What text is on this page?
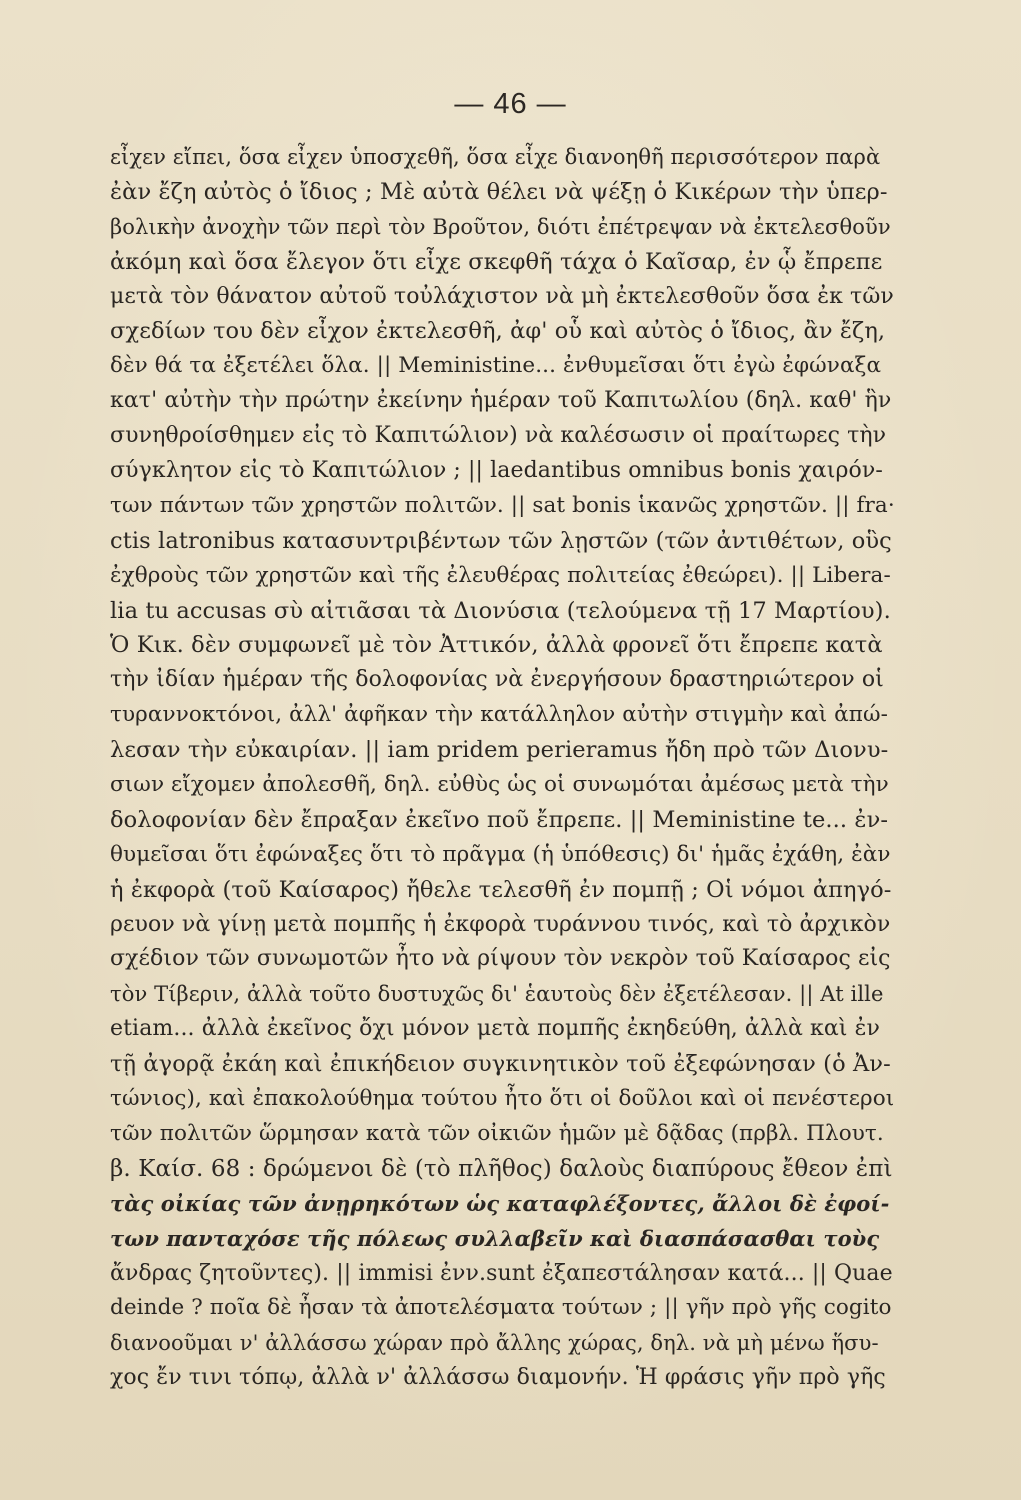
— 46 —
εἶχεν εἴπει, ὅσα εἶχεν ὑποσχεθῆ, ὅσα εἶχε διανοηθῆ περισσότερον παρὰ
ἐὰν ἔζη αὐτὸς ὁ ἴδιος ; Μὲ αὐτὰ θέλει νὰ ψέξῃ ὁ Κικέρων τὴν ὑπερ-
βολικὴν ἀνοχὴν τῶν περὶ τὸν Βροῦτον, διότι ἐπέτρεψαν νὰ ἐκτελεσθοῦν
ἀκόμη καὶ ὅσα ἔλεγον ὅτι εἶχε σκεφθῆ τάχα ὁ Καῖσαρ, ἐν ᾧ ἔπρεπε
μετὰ τὸν θάνατον αὐτοῦ τοὐλάχιστον νὰ μὴ ἐκτελεσθοῦν ὅσα ἐκ τῶν
σχεδίων του δὲν εἶχον ἐκτελεσθῆ, ἀφ' οὗ καὶ αὐτὸς ὁ ἴδιος, ἂν ἔζη,
δὲν θά τα ἐξετέλει ὅλα. || Meministine... ἐνθυμεῖσαι ὅτι ἐγὼ ἐφώναξα
κατ' αὐτὴν τὴν πρώτην ἐκείνην ἡμέραν τοῦ Καπιτωλίου (δηλ. καθ' ἣν
συνηθροίσθημεν εἰς τὸ Καπιτώλιον) νὰ καλέσωσιν οἱ πραίτωρες τὴν
σύγκλητον εἰς τὸ Καπιτώλιον ; || laedantibus omnibus bonis χαιρόν-
των πάντων τῶν χρηστῶν πολιτῶν. || sat bonis ἱκανῶς χρηστῶν. || fra·
ctis latronibus κατασυντριβέντων τῶν λῃστῶν (τῶν ἀντιθέτων, οὓς
ἐχθροὺς τῶν χρηστῶν καὶ τῆς ἐλευθέρας πολιτείας ἐθεώρει). || Libera-
lia tu accusas σὺ αἰτιᾶσαι τὰ Διονύσια (τελούμενα τῇ 17 Μαρτίου).
Ὁ Κικ. δὲν συμφωνεῖ μὲ τὸν Ἀττικόν, ἀλλὰ φρονεῖ ὅτι ἔπρεπε κατὰ
τὴν ἰδίαν ἡμέραν τῆς δολοφονίας νὰ ἐνεργήσουν δραστηριώτερον οἱ
τυραννοκτόνοι, ἀλλ' ἀφῆκαν τὴν κατάλληλον αὐτὴν στιγμὴν καὶ ἀπώ-
λεσαν τὴν εὐκαιρίαν. || iam pridem perieramus ἤδη πρὸ τῶν Διονυ-
σιων εἴχομεν ἀπολεσθῆ, δηλ. εὐθὺς ὡς οἱ συνωμόται ἀμέσως μετὰ τὴν
δολοφονίαν δὲν ἔπραξαν ἐκεῖνο ποῦ ἔπρεπε. || Meministine te... ἐν-
θυμεῖσαι ὅτι ἐφώναξες ὅτι τὸ πρᾶγμα (ἡ ὑπόθεσις) δι' ἡμᾶς ἐχάθη, ἐὰν
ἡ ἐκφορὰ (τοῦ Καίσαρος) ἤθελε τελεσθῆ ἐν πομπῇ ; Οἱ νόμοι ἀπηγό-
ρευον νὰ γίνῃ μετὰ πομπῆς ἡ ἐκφορὰ τυράννου τινός, καὶ τὸ ἀρχικὸν
σχέδιον τῶν συνωμοτῶν ἦτο νὰ ρίψουν τὸν νεκρὸν τοῦ Καίσαρος εἰς
τὸν Τίβεριν, ἀλλὰ τοῦτο δυστυχῶς δι' ἑαυτοὺς δὲν ἐξετέλεσαν. || At ille
etiam... ἀλλὰ ἐκεῖνος ὄχι μόνον μετὰ πομπῆς ἐκηδεύθη, ἀλλὰ καὶ ἐν
τῇ ἀγορᾷ ἐκάη καὶ ἐπικήδειον συγκινητικὸν τοῦ ἐξεφώνησαν (ὁ Ἀν-
τώνιος), καὶ ἐπακολούθημα τούτου ἦτο ὅτι οἱ δοῦλοι καὶ οἱ πενέστεροι
τῶν πολιτῶν ὥρμησαν κατὰ τῶν οἰκιῶν ἡμῶν μὲ δᾷδας (πρβλ. Πλουτ.
β. Καίσ. 68 : δρώμενοι δὲ (τὸ πλῆθος) δαλοὺς διαπύρους ἔθεον ἐπὶ
τὰς οἰκίας τῶν ἀνῃρηκότων ὡς καταφλέξοντες, ἄλλοι δὲ ἐφοί-
των πανταχόσε τῆς πόλεως συλλαβεῖν καὶ διασπάσασθαι τοὺς
ἄνδρας ζητοῦντες). || immisi ἐνν.sunt ἐξαπεστάλησαν κατά... || Quae
deinde ? ποῖα δὲ ἦσαν τὰ ἀποτελέσματα τούτων ; || γῆν πρὸ γῆς cogito
διανοοῦμαι ν' ἀλλάσσω χώραν πρὸ ἄλλης χώρας, δηλ. νὰ μὴ μένω ἥσυ-
χος ἔν τινι τόπῳ, ἀλλὰ ν' ἀλλάσσω διαμονήν. Ἡ φράσις γῆν πρὸ γῆς
